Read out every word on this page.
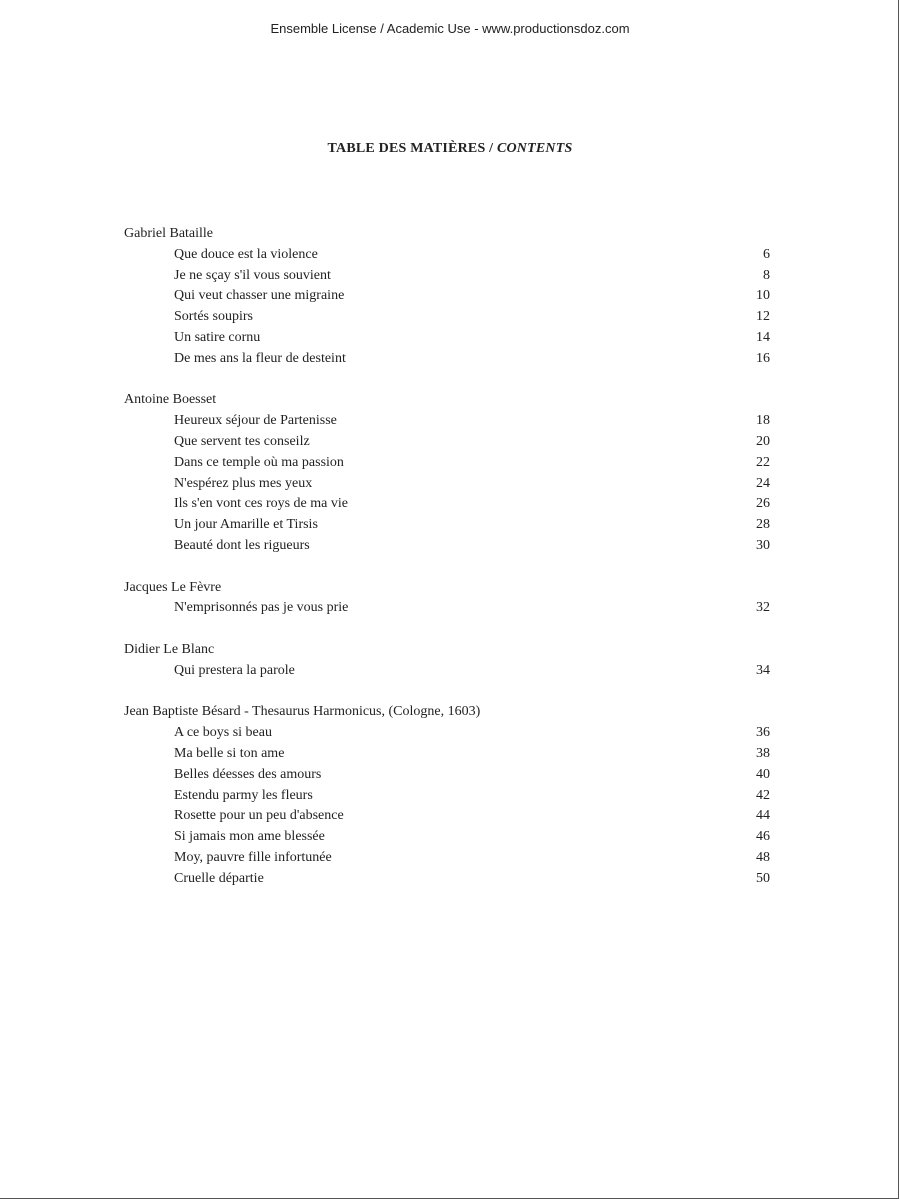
Ensemble License / Academic Use - www.productionsdoz.com
TABLE DES MATIÈRES / CONTENTS
Gabriel Bataille
Que douce est la violence	6
Je ne sçay s'il vous souvient	8
Qui veut chasser une migraine	10
Sortés soupirs	12
Un satire cornu	14
De mes ans la fleur de desteint	16
Antoine Boesset
Heureux séjour de Partenisse	18
Que servent tes conseilz	20
Dans ce temple où ma passion	22
N'espérez plus mes yeux	24
Ils s'en vont ces roys de ma vie	26
Un jour Amarille et Tirsis	28
Beauté dont les rigueurs	30
Jacques Le Fèvre
N'emprisonnés pas je vous prie	32
Didier Le Blanc
Qui prestera la parole	34
Jean Baptiste Bésard - Thesaurus Harmonicus, (Cologne, 1603)
A ce boys si beau	36
Ma belle si ton ame	38
Belles déesses des amours	40
Estendu parmy les fleurs	42
Rosette pour un peu d'absence	44
Si jamais mon ame blessée	46
Moy, pauvre fille infortunée	48
Cruelle départie	50
